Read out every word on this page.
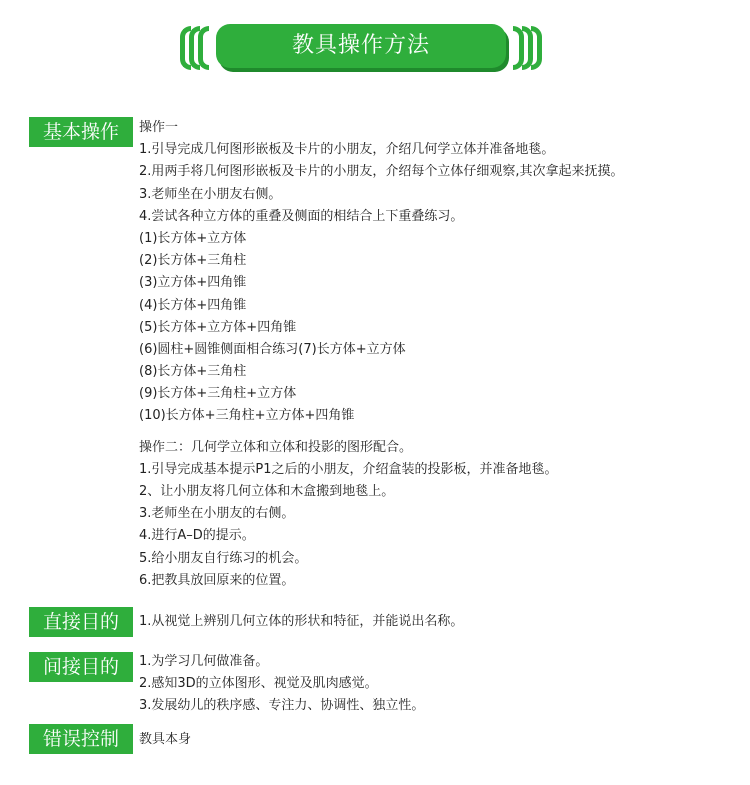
教具操作方法
基本操作	操作一
1.引导完成几何图形嵌板及卡片的小朋友，介绍几何学立体并准备地毯。
2.用两手将几何图形嵌板及卡片的小朋友，介绍每个立体仔细观察,其次拿起来抚摸。
3.老师坐在小朋友右侧。
4.尝试各种立方体的重叠及侧面的相结合上下重叠练习。
(1)长方体+立方体
(2)长方体+三角柱
(3)立方体+四角锥
(4)长方体+四角锥
(5)长方体+立方体+四角锥
(6)圆柱+圆锥侧面相合练习(7)长方体+立方体
(8)长方体+三角柱
(9)长方体+三角柱+立方体
(10)长方体+三角柱+立方体+四角锥
操作二：几何学立体和立体和投影的图形配合。
1.引导完成基本提示P1之后的小朋友，介绍盒装的投影板，并准备地毯。
2、让小朋友将几何立体和木盒搬到地毯上。
3.老师坐在小朋友的右侧。
4.进行A–D的提示。
5.给小朋友自行练习的机会。
6.把教具放回原来的位置。
直接目的	1.从视觉上辨别几何立体的形状和特征，并能说出名称。
间接目的	1.为学习几何做准备。
2.感知3D的立体图形、视觉及肌肉感觉。
3.发展幼儿的秩序感、专注力、协调性、独立性。
错误控制	教具本身
